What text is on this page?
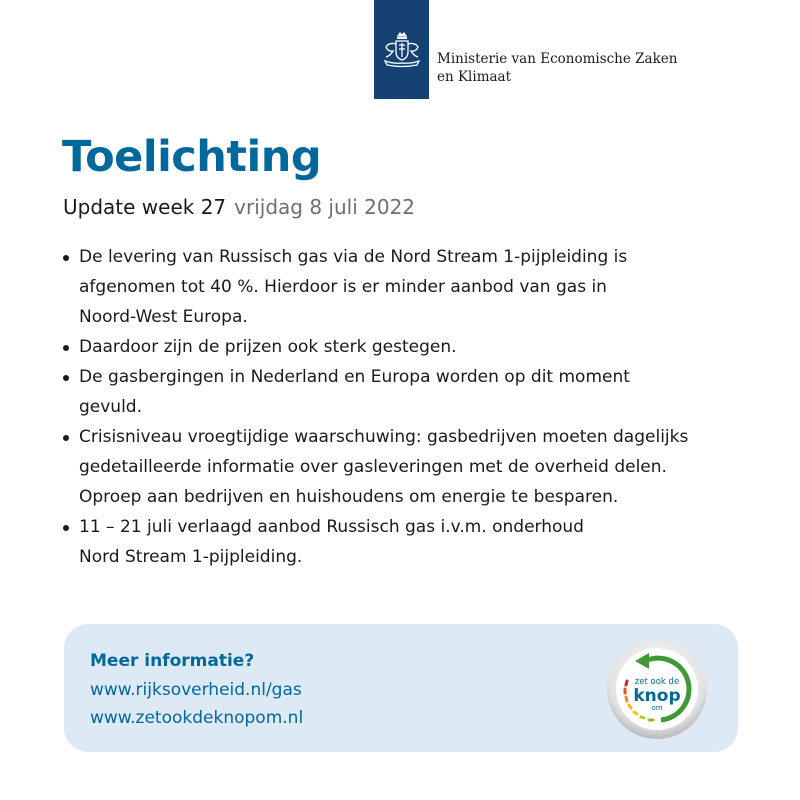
Ministerie van Economische Zaken
en Klimaat
Toelichting
Update week 27 vrijdag 8 juli 2022
De levering van Russisch gas via de Nord Stream 1-pijpleiding is
afgenomen tot 40 %. Hierdoor is er minder aanbod van gas in
Noord-West Europa.
Daardoor zijn de prijzen ook sterk gestegen.
De gasbergingen in Nederland en Europa worden op dit moment
gevuld.
Crisisniveau vroegtijdige waarschuwing: gasbedrijven moeten dagelijks
gedetailleerde informatie over gasleveringen met de overheid delen.
Oproep aan bedrijven en huishoudens om energie te besparen.
11 – 21 juli verlaagd aanbod Russisch gas i.v.m. onderhoud
Nord Stream 1-pijpleiding.
Meer informatie?
www.rijksoverheid.nl/gas
www.zetookdeknopom.nl
zet ook de
knop
om
